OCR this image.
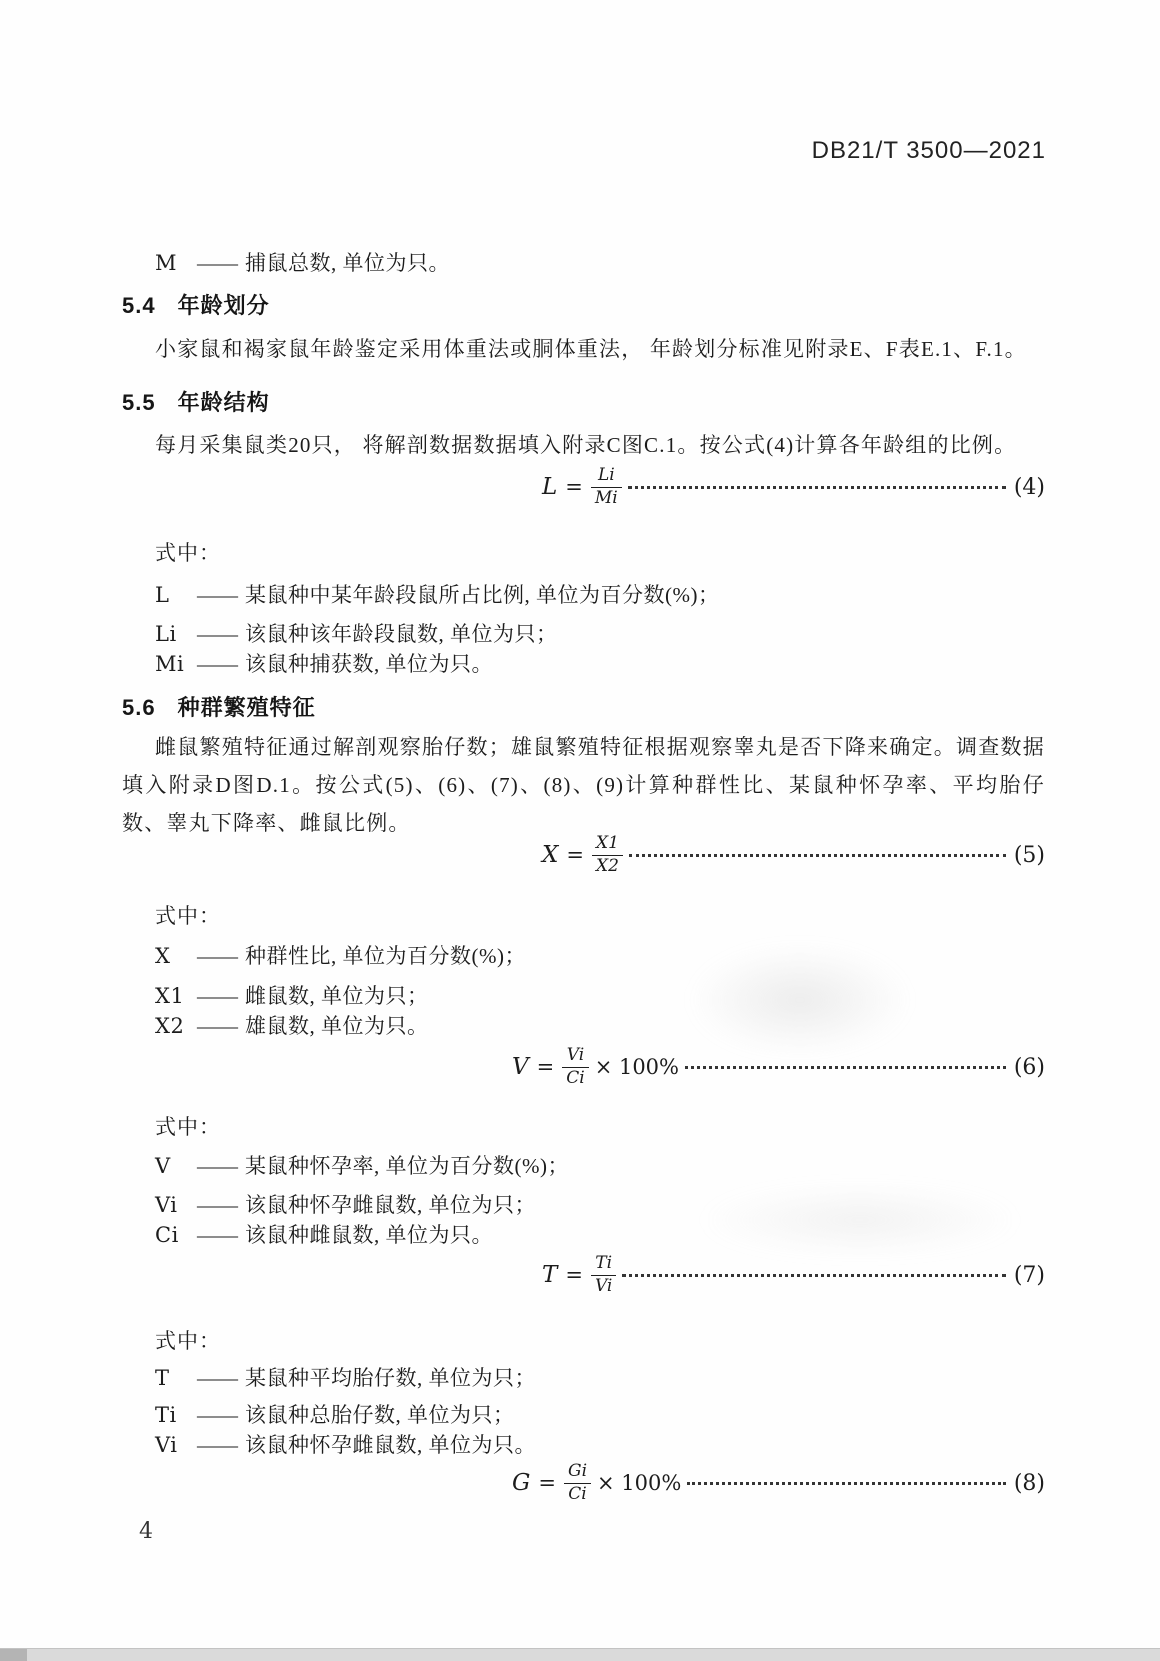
DB21/T 3500—2021
M —— 捕鼠总数, 单位为只。
5.4 年龄划分
小家鼠和褐家鼠年龄鉴定采用体重法或胴体重法， 年龄划分标准见附录E、F表E.1、F.1。
5.5 年龄结构
每月采集鼠类20只， 将解剖数据数据填入附录C图C.1。按公式(4)计算各年龄组的比例。
$L = \frac{Li}{Mi}$	(4)
式中：
L —— 某鼠种中某年龄段鼠所占比例, 单位为百分数(%)；
Li —— 该鼠种该年龄段鼠数, 单位为只；
Mi —— 该鼠种捕获数, 单位为只。
5.6 种群繁殖特征
雌鼠繁殖特征通过解剖观察胎仔数；雄鼠繁殖特征根据观察睾丸是否下降来确定。调查数据填入附录D图D.1。按公式(5)、(6)、(7)、(8)、(9)计算种群性比、某鼠种怀孕率、平均胎仔数、睾丸下降率、雌鼠比例。
$X = \frac{X1}{X2}$	(5)
式中：
X —— 种群性比, 单位为百分数(%)；
X1 —— 雌鼠数, 单位为只；
X2 —— 雄鼠数, 单位为只。
$V = \frac{Vi}{Ci} \times 100\%$	(6)
式中：
V —— 某鼠种怀孕率, 单位为百分数(%)；
Vi —— 该鼠种怀孕雌鼠数, 单位为只；
Ci —— 该鼠种雌鼠数, 单位为只。
$T = \frac{Ti}{Vi}$	(7)
式中：
T —— 某鼠种平均胎仔数, 单位为只；
Ti —— 该鼠种总胎仔数, 单位为只；
Vi —— 该鼠种怀孕雌鼠数, 单位为只。
$G = \frac{Gi}{Ci} \times 100\%$	(8)
4
